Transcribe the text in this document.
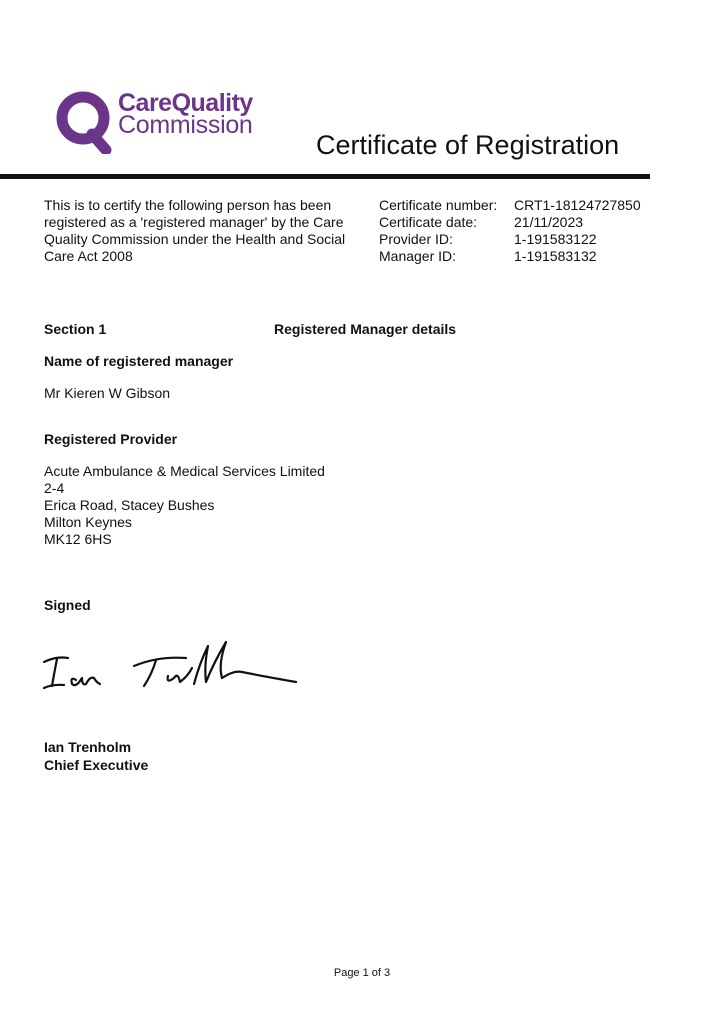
CareQuality
Commission
Certificate of Registration
This is to certify the following person has been registered as a 'registered manager' by the Care Quality Commission under the Health and Social Care Act 2008
Certificate number:	CRT1-18124727850
Certificate date:	21/11/2023
Provider ID:	1-191583122
Manager ID:	1-191583132
Section 1	Registered Manager details
Name of registered manager
Mr Kieren W Gibson
Registered Provider
Acute Ambulance & Medical Services Limited
2-4
Erica Road, Stacey Bushes
Milton Keynes
MK12 6HS
Signed
Ian Trenholm
Chief Executive
Page 1 of 3
